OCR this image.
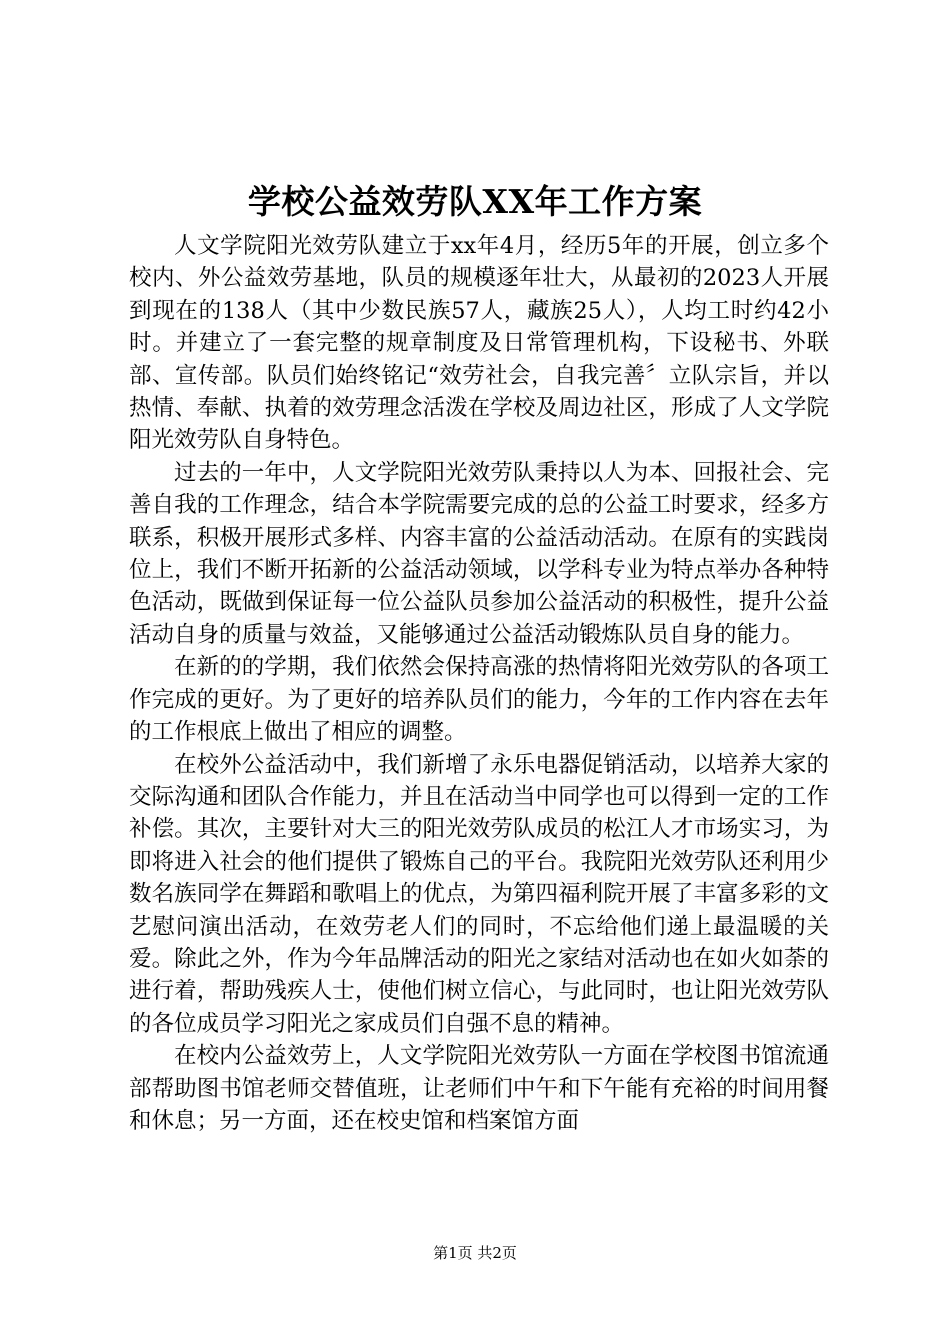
学校公益效劳队XX年工作方案

人文学院阳光效劳队建立于xx年4月，经历5年的开展，创立多个校内、外公益效劳基地，队员的规模逐年壮大，从最初的2023人开展到现在的138人（其中少数民族57人，藏族25人），人均工时约42小时。并建立了一套完整的规章制度及日常管理机构，下设秘书、外联部、宣传部。队员们始终铭记“效劳社会，自我完善〞立队宗旨，并以热情、奉献、执着的效劳理念活泼在学校及周边社区，形成了人文学院阳光效劳队自身特色。

过去的一年中，人文学院阳光效劳队秉持以人为本、回报社会、完善自我的工作理念，结合本学院需要完成的总的公益工时要求，经多方联系，积极开展形式多样、内容丰富的公益活动活动。在原有的实践岗位上，我们不断开拓新的公益活动领域，以学科专业为特点举办各种特色活动，既做到保证每一位公益队员参加公益活动的积极性，提升公益活动自身的质量与效益，又能够通过公益活动锻炼队员自身的能力。

在新的的学期，我们依然会保持高涨的热情将阳光效劳队的各项工作完成的更好。为了更好的培养队员们的能力，今年的工作内容在去年的工作根底上做出了相应的调整。

在校外公益活动中，我们新增了永乐电器促销活动，以培养大家的交际沟通和团队合作能力，并且在活动当中同学也可以得到一定的工作补偿。其次，主要针对大三的阳光效劳队成员的松江人才市场实习，为即将进入社会的他们提供了锻炼自己的平台。我院阳光效劳队还利用少数名族同学在舞蹈和歌唱上的优点，为第四福利院开展了丰富多彩的文艺慰问演出活动，在效劳老人们的同时，不忘给他们递上最温暖的关爱。除此之外，作为今年品牌活动的阳光之家结对活动也在如火如荼的进行着，帮助残疾人士，使他们树立信心，与此同时，也让阳光效劳队的各位成员学习阳光之家成员们自强不息的精神。

在校内公益效劳上，人文学院阳光效劳队一方面在学校图书馆流通部帮助图书馆老师交替值班，让老师们中午和下午能有充裕的时间用餐和休息；另一方面，还在校史馆和档案馆方面

第1页 共2页
